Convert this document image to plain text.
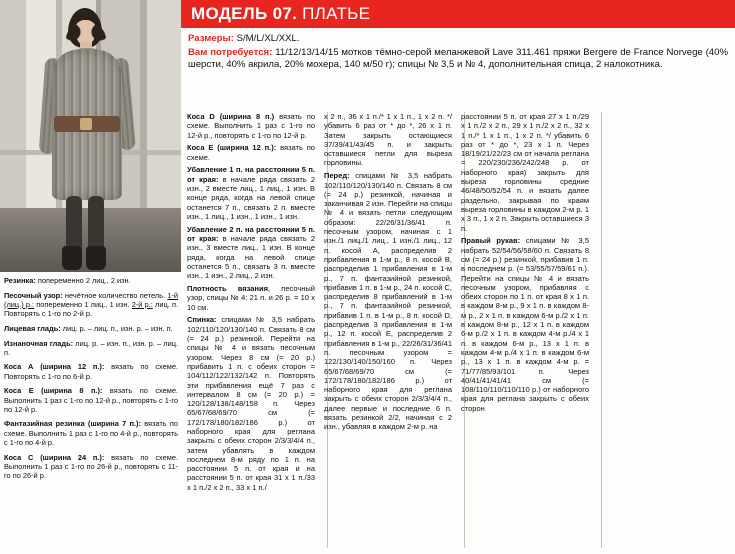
Резинка: попеременно 2 лиц., 2 изн.

Песочный узор: нечётное количество петель. 1-й (лиц.) р.: попеременно 1 лиц., 1 изн. 2-й р.: лиц. п. Повторять с 1-го по 2-й р.

Лицевая гладь: лиц. р. – лиц. п., изн. р. – изн. п.

Изнаночная гладь: лиц. р. – изн. п., изн. р. – лиц. п.

Коса А (ширина 12 п.): вязать по схеме. Повторять с 1-го по 6-й р.

Коса Е (ширина 8 п.): вязать по схеме. Выполнить 1 раз с 1-го по 12-й р., повторять с 1-го по 12-й р.

Фантазийная резинка (ширина 7 п.): вязать по схеме. Выполнить 1 раз с 1-го по 4-й р., повторять с 1-го по 4-й р.

Коса С (ширина 24 п.): вязать по схеме. Выполнить 1 раз с 1-го по 26-й р., повторять с 11-го по 26-й р.

МОДЕЛЬ 07. ПЛАТЬЕ

Размеры: S/M/L/XL/XXL.

Вам потребуется: 11/12/13/14/15 мотков тёмно-серой меланжевой Lave 311.461 пряжи Bergere de France Norvege (40% шерсти, 40% акрила, 20% мохера, 140 м/50 г); спицы № 3,5 и № 4, дополнительная спица, 2 налокотника.

Коса D (ширина 8 п.) вязать по схеме. Выполнить 1 раз с 1-го по 12-й р., повторять с 1-го по 12-й р.

Коса Е (ширина 12 п.): вязать по схеме.

Убавление 1 п. на расстоянии 5 п. от края: в начале ряда связать 2 изн., 2 вместе лиц., 1 лиц., 1 изн. В конце ряда, когда на левой спице останется 7 п., связать 2 п. вместе изн., 1 лиц., 1 изн., 1 изн., 1 изн.

Убавление 2 п. на расстоянии 5 п. от края: в начале ряда связать 2 изн., 3 вместе лиц., 1 изн. В конце ряда, когда на левой спице останется 5 п., связать 3 п. вместе изн., 1 изн., 2 лиц., 2 изн.

Плотность вязания, песочный узор, спицы № 4: 21 п. и 26 р. = 10 х 10 см.

Спинка: спицами № 3,5 набрать 102/110/120/130/140 п. Связать 8 см (= 24 р.) резинкой. Перейти на спицы № 4 и вязать песочным узором. Через 8 см (= 20 р.) прибавить 1 п. с обеих сторон = 104/112/122/132/142 п. Повторять эти прибавления ещё 7 раз с интервалом 8 см (= 20 р.) = 120/128/138/148/158 п. Через 65/67/68/69/70 см (= 172/178/180/182/186 р.) от наборного края для реглана закрыть с обеих сторон 2/3/3/4/4 п., затем убавлять в каждом последнем 8-м ряду по 1 п. на расстоянии 5 п. от края и на расстоянии 5 п. от края 31 х 1 п./33 х 1 п./2 х 2 п., 33 х 1 п./

х 2 п., 36 х 1 п./* 1 х 1 п., 1 х 2 п. */ убавить 6 раз от * до *, 26 х 1 п. Затем закрыть остающиеся 37/39/41/43/45 п. и закрыть оставшиеся петли для выреза горловины.

Перед: спицами № 3,5 набрать 102/110/120/130/140 п. Связать 8 см (= 24 р.) резинкой, начиная и заканчивая 2 изн. Перейти на спицы № 4 и вязать петли следующим образом: 22/26/31/36/41 п. песочным узором, начиная с 1 изн./1 лиц./1 лиц., 1 изн./1 лиц., 12 п. косой А, распределив 2 прибавления в 1-м р., 8 п. косой В, распределив 1 прибавления в 1-м р., 7 п. фантазийной резинкой, прибавив 1 п. в 1-м р., 24 п. косой С, распределив 8 прибавлений в 1-м р., 7 п. фантазийной резинкой, прибавив 1 п. в 1-м р., 8 п. косой D, распределив 3 прибавления в 1-м р., 12 п. косой Е, распределив 2 прибавления в 1-м р., 22/26/31/36/41 п. песочным узором = 122/130/140/150/160 п. Через 65/67/68/69/70 см (= 172/178/180/182/186 р.) от наборного края для реглана закрыть с обеих сторон 2/3/3/4/4 п., далее первые и последние 6 п. вязать резинкой 2/2, начиная с 2 изн., убавляя в каждом 2-м р. на

расстоянии 5 п. от края 27 х 1 п./29 х 1 п./2 х 2 п., 29 х 1 п./2 х 2 п., 32 х 1 п./* 1 х 1 п., 1 х 2 п. */ убавить 6 раз от * до *, 23 х 1 п. Через 18/19/21/22/23 см от начала реглана = 220/230/236/242/248 р. от наборного края) закрыть для выреза горловины средние 46/48/50/52/54 п. и вязать далее раздельно, закрывая по краям выреза горловины в каждом 2-м р. 1 х 3 п., 1 х 2 п. Закрыть оставшиеся 3 п.

Правый рукав: спицами № 3,5 набрать 52/54/56/58/60 п. Связать 8 см (= 24 р.) резинкой, прибавив 1 п. в последнем р. (= 53/55/57/59/61 п.). Перейти на спицы № 4 и вязать песочным узором, прибавляя с обеих сторон по 1 п. от края 8 х 1 п. в каждом 8-м р., 9 х 1 п. в каждом 8-м р., 2 х 1 п. в каждом 6-м р./2 х 1 п. в каждом 8-м р., 12 х 1 п. в каждом 6-м р./2 х 1 п. в каждом 4-м р./4 х 1 п. в каждом 6-м р., 13 х 1 п. в каждом 4-м р./4 х 1 п. в каждом 6-м р., 13 х 1 п. в каждом 4-м р. = 71/77/85/93/101 п. Через 40/41/41/41/41 см (= 108/110/110/110/110 р.) от наборного края для реглана закрыть с обеих сторон
